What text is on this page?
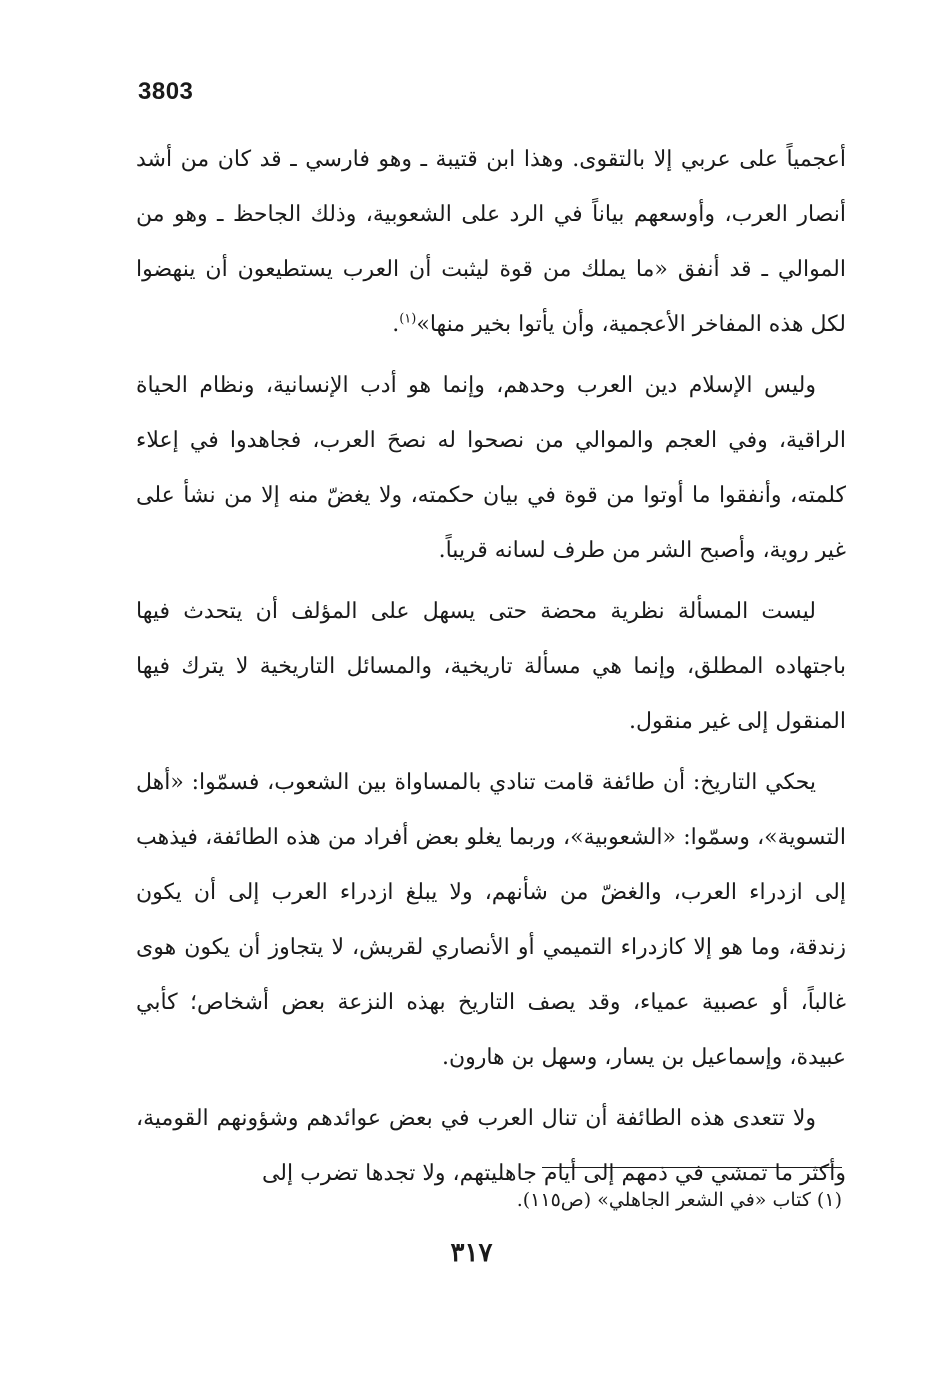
3803

أعجمياً على عربي إلا بالتقوى. وهذا ابن قتيبة ـ وهو فارسي ـ قد كان من أشد أنصار العرب، وأوسعهم بياناً في الرد على الشعوبية، وذلك الجاحظ ـ وهو من الموالي ـ قد أنفق «ما يملك من قوة ليثبت أن العرب يستطيعون أن ينهضوا لكل هذه المفاخر الأعجمية، وأن يأتوا بخير منها»$^{(١)}$.

وليس الإسلام دين العرب وحدهم، وإنما هو أدب الإنسانية، ونظام الحياة الراقية، وفي العجم والموالي من نصحوا له نصحَ العرب، فجاهدوا في إعلاء كلمته، وأنفقوا ما أوتوا من قوة في بيان حكمته، ولا يغضّ منه إلا من نشأ على غير روية، وأصبح الشر من طرف لسانه قريباً.

ليست المسألة نظرية محضة حتى يسهل على المؤلف أن يتحدث فيها باجتهاده المطلق، وإنما هي مسألة تاريخية، والمسائل التاريخية لا يترك فيها المنقول إلى غير منقول.

يحكي التاريخ: أن طائفة قامت تنادي بالمساواة بين الشعوب، فسمّوا: «أهل التسوية»، وسمّوا: «الشعوبية»، وربما يغلو بعض أفراد من هذه الطائفة، فيذهب إلى ازدراء العرب، والغضّ من شأنهم، ولا يبلغ ازدراء العرب إلى أن يكون زندقة، وما هو إلا كازدراء التميمي أو الأنصاري لقريش، لا يتجاوز أن يكون هوى غالباً، أو عصبية عمياء، وقد يصف التاريخ بهذه النزعة بعض أشخاص؛ كأبي عبيدة، وإسماعيل بن يسار، وسهل بن هارون.

ولا تتعدى هذه الطائفة أن تنال العرب في بعض عوائدهم وشؤونهم القومية، وأكثر ما تمشي في ذمهم إلى أيام جاهليتهم، ولا تجدها تضرب إلى

(١) كتاب «في الشعر الجاهلي» (ص١١٥).
٣١٧
